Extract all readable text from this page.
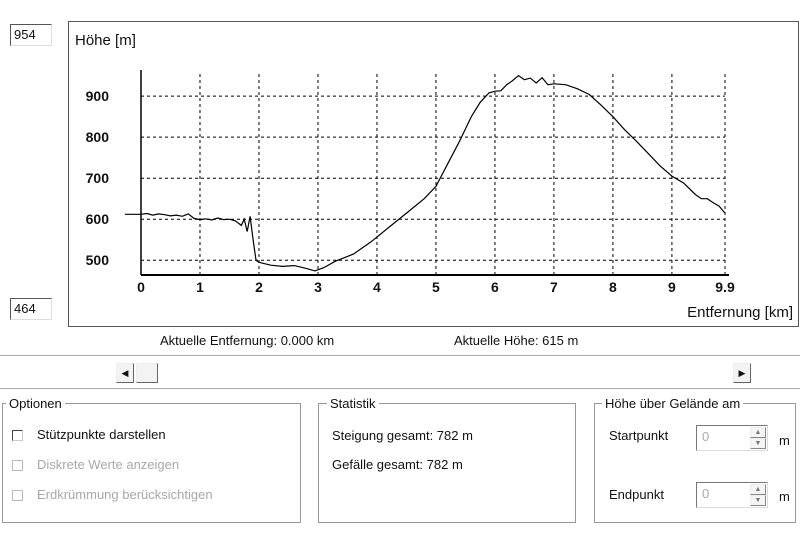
954
464
Höhe [m]
Entfernung [km]
500
600
700
800
900
0	1	2	3	4	5	6	7	8	9	9.9
Aktuelle Entfernung: 0.000 km	Aktuelle Höhe: 615 m
◀	▶
Optionen
Stützpunkte darstellen
Diskrete Werte anzeigen
Erdkrümmung berücksichtigen
Statistik
Steigung gesamt: 782 m
Gefälle gesamt: 782 m
Höhe über Gelände am
Startpunkt	0	▲
▼	m
Endpunkt	0	▲
▼	m
